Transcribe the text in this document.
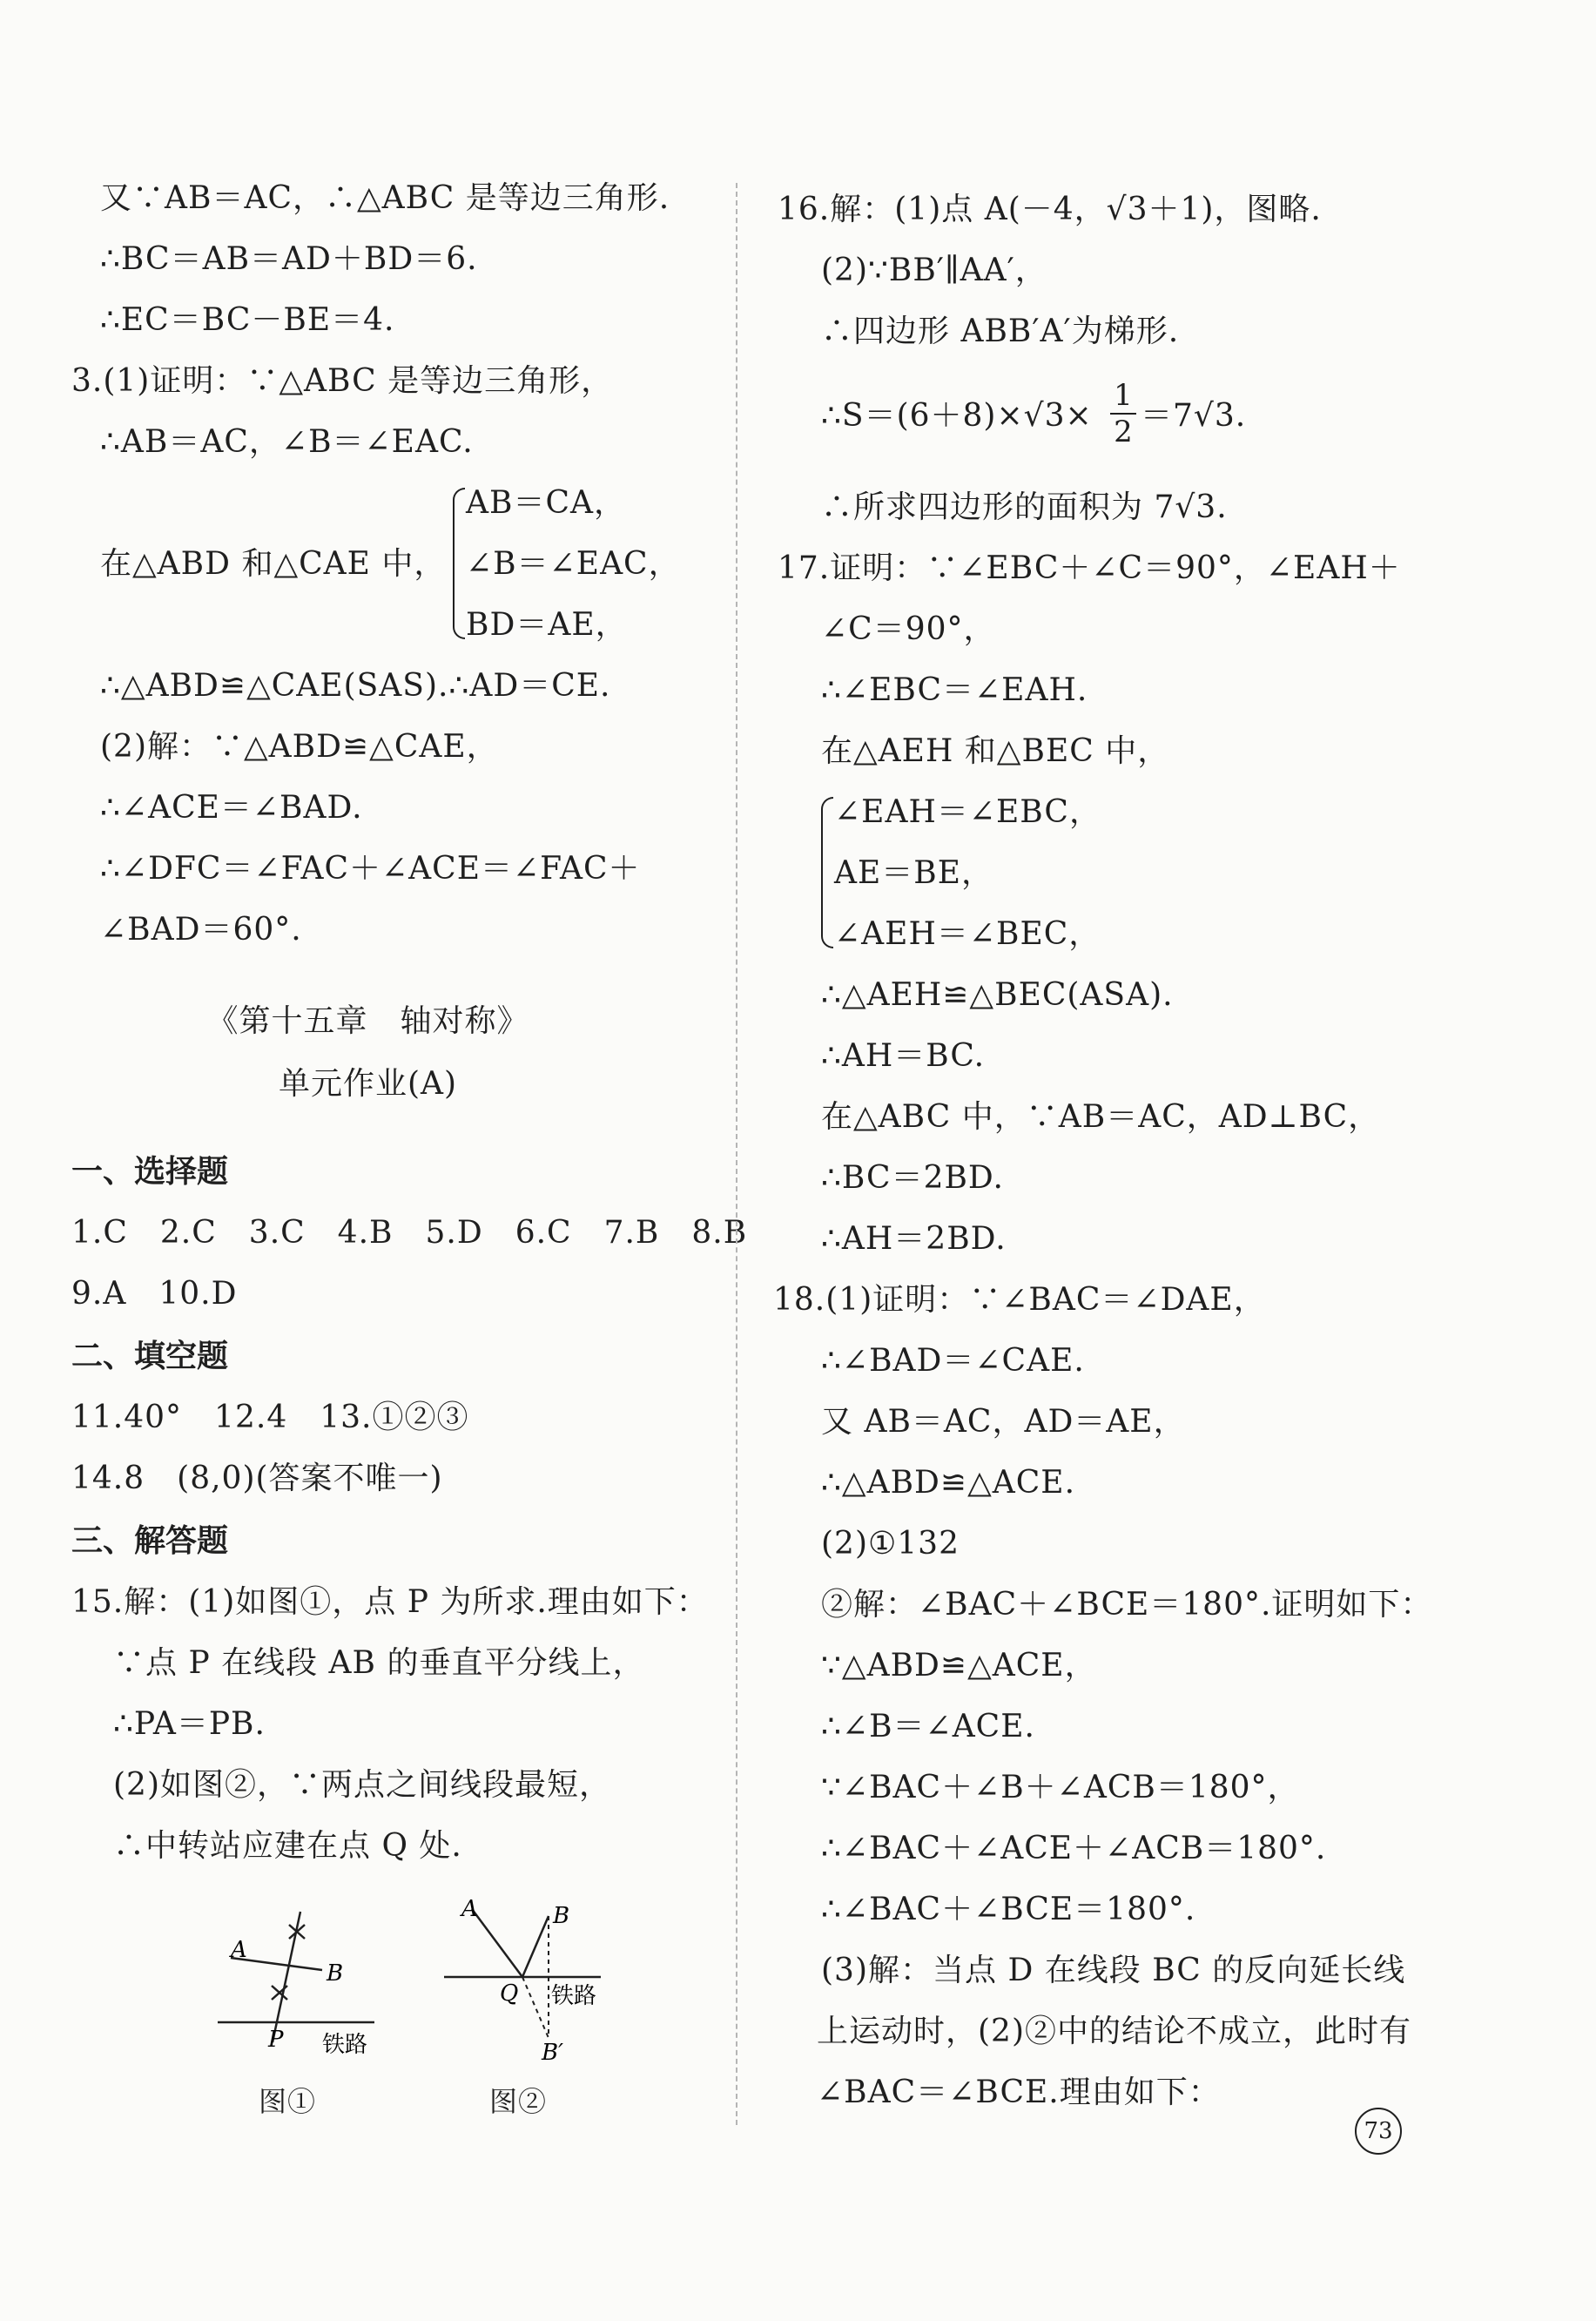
又∵AB＝AC，∴△ABC 是等边三角形.
∴BC＝AB＝AD＋BD＝6.
∴EC＝BC－BE＝4.
3.(1)证明：∵△ABC 是等边三角形，
∴AB＝AC，∠B＝∠EAC.
在△ABD 和△CAE 中，
AB＝CA，
∠B＝∠EAC，
BD＝AE，
∴△ABD≌△CAE(SAS).∴AD＝CE.
(2)解：∵△ABD≌△CAE，
∴∠ACE＝∠BAD.
∴∠DFC＝∠FAC＋∠ACE＝∠FAC＋
∠BAD＝60°.
《第十五章　轴对称》
单元作业(A)
一、选择题
1.C　2.C　3.C　4.B　5.D　6.C　7.B　8.B
9.A　10.D
二、填空题
11.40°　12.4　13.①②③
14.8　(8,0)(答案不唯一)
三、解答题
15.解：(1)如图①，点 P 为所求.理由如下：
∵点 P 在线段 AB 的垂直平分线上，
∴PA＝PB.
(2)如图②，∵两点之间线段最短，
∴中转站应建在点 Q 处.
A
B
P 铁路
图①
A	B
Q 铁路
B′
图②
16.解：(1)点 A(－4，√3＋1)，图略.
(2)∵BB′∥AA′，
∴四边形 ABB′A′为梯形.
∴S＝(6＋8)×√3×
1
2 ＝7√3.
∴所求四边形的面积为 7√3.
17.证明：∵∠EBC＋∠C＝90°，∠EAH＋
∠C＝90°，
∴∠EBC＝∠EAH.
在△AEH 和△BEC 中，
∠EAH＝∠EBC，
AE＝BE，
∠AEH＝∠BEC，
∴△AEH≌△BEC(ASA).
∴AH＝BC.
在△ABC 中，∵AB＝AC，AD⊥BC，
∴BC＝2BD.
∴AH＝2BD.
18.(1)证明：∵∠BAC＝∠DAE，
∴∠BAD＝∠CAE.
又 AB＝AC，AD＝AE，
∴△ABD≌△ACE.
(2)①132
②解：∠BAC＋∠BCE＝180°.证明如下：
∵△ABD≌△ACE，
∴∠B＝∠ACE.
∵∠BAC＋∠B＋∠ACB＝180°，
∴∠BAC＋∠ACE＋∠ACB＝180°.
∴∠BAC＋∠BCE＝180°.
(3)解：当点 D 在线段 BC 的反向延长线
上运动时，(2)②中的结论不成立，此时有
∠BAC＝∠BCE.理由如下：
73
